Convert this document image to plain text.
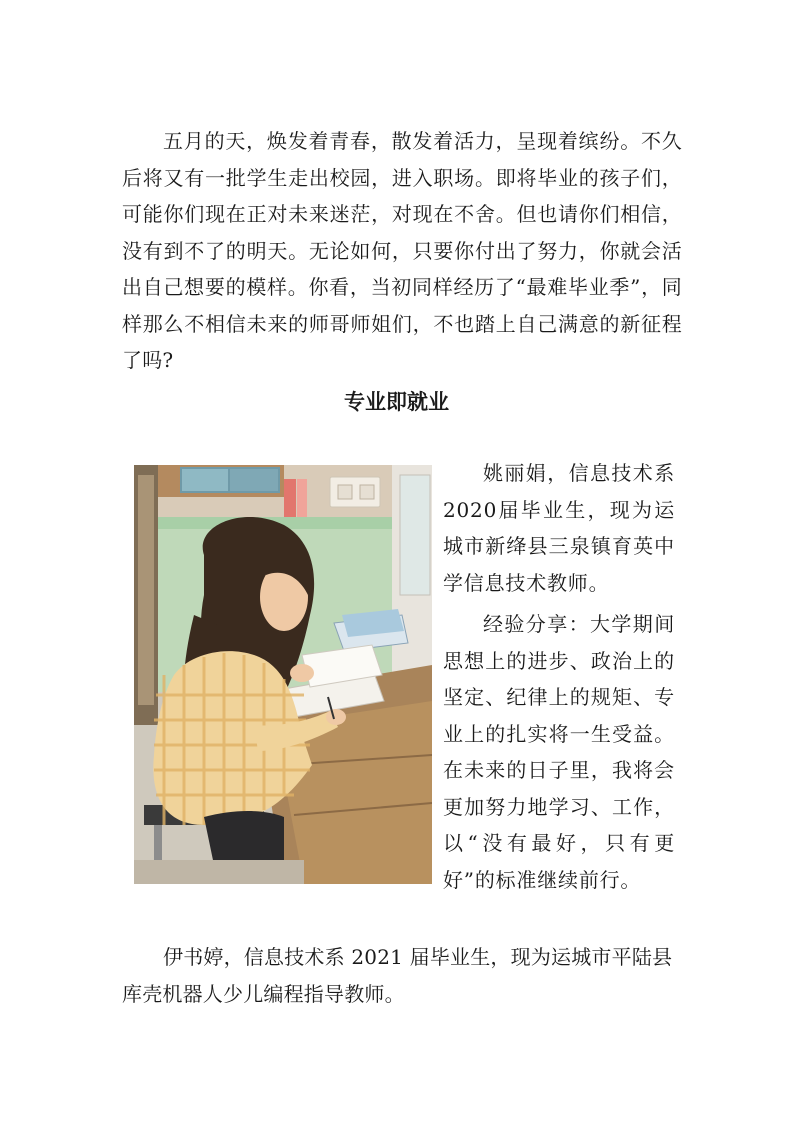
五月的天，焕发着青春，散发着活力，呈现着缤纷。不久后将又有一批学生走出校园，进入职场。即将毕业的孩子们，可能你们现在正对未来迷茫，对现在不舍。但也请你们相信，没有到不了的明天。无论如何，只要你付出了努力，你就会活出自己想要的模样。你看，当初同样经历了“最难毕业季”，同样那么不相信未来的师哥师姐们，不也踏上自己满意的新征程了吗?

专业即就业

姚丽娟，信息技术系2020届毕业生，现为运城市新绛县三泉镇育英中学信息技术教师。

经验分享：大学期间思想上的进步、政治上的坚定、纪律上的规矩、专业上的扎实将一生受益。在未来的日子里，我将会更加努力地学习、工作，以“没有最好，只有更好”的标准继续前行。

伊书婷，信息技术系 2021 届毕业生，现为运城市平陆县库壳机器人少儿编程指导教师。
